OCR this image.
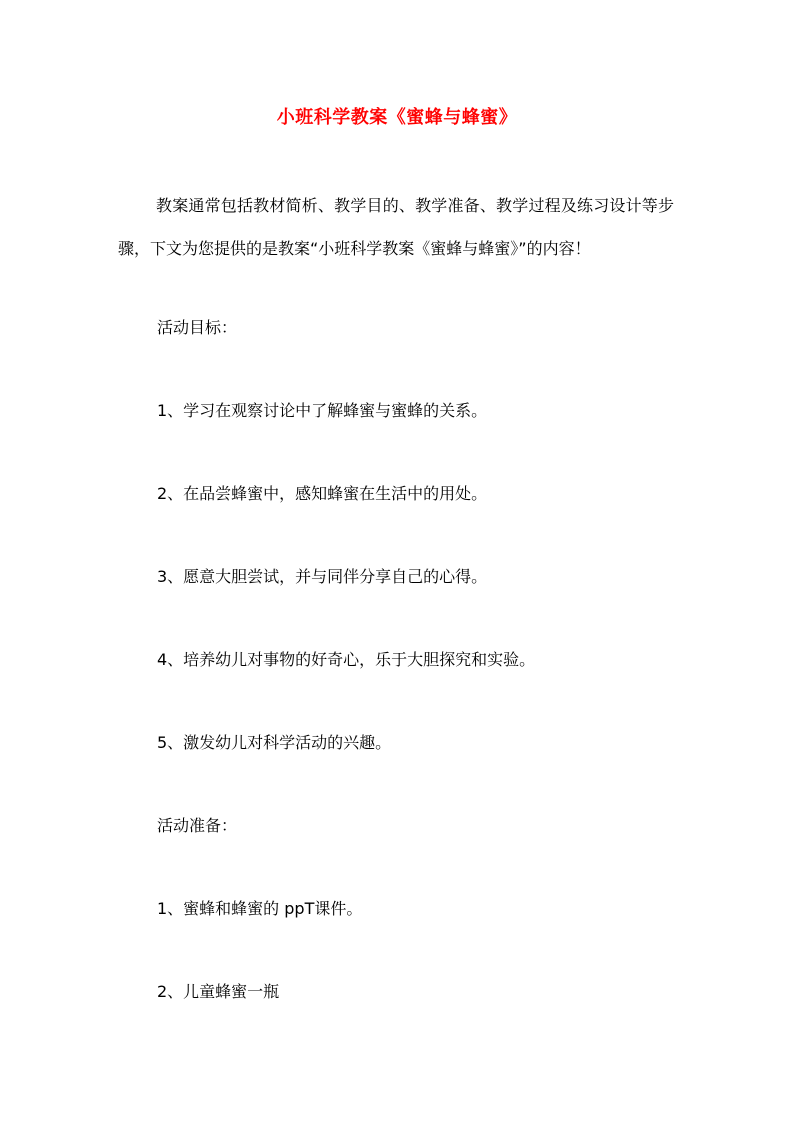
小班科学教案《蜜蜂与蜂蜜》
教案通常包括教材简析、教学目的、教学准备、教学过程及练习设计等步骤，下文为您提供的是教案“小班科学教案《蜜蜂与蜂蜜》”的内容！
活动目标：
1、学习在观察讨论中了解蜂蜜与蜜蜂的关系。
2、在品尝蜂蜜中，感知蜂蜜在生活中的用处。
3、愿意大胆尝试，并与同伴分享自己的心得。
4、培养幼儿对事物的好奇心，乐于大胆探究和实验。
5、激发幼儿对科学活动的兴趣。
活动准备：
1、蜜蜂和蜂蜜的 ppT课件。
2、儿童蜂蜜一瓶
